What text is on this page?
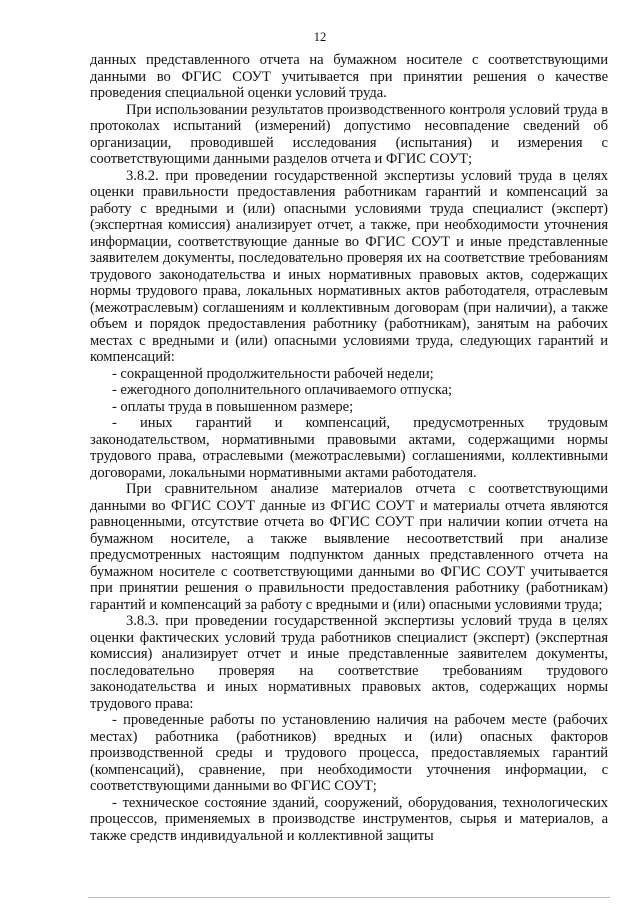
12

данных представленного отчета на бумажном носителе с соответствующими данными во ФГИС СОУТ учитывается при принятии решения о качестве проведения специальной оценки условий труда.

При использовании результатов производственного контроля условий труда в протоколах испытаний (измерений) допустимо несовпадение сведений об организации, проводившей исследования (испытания) и измерения с соответствующими данными разделов отчета и ФГИС СОУТ;

3.8.2. при проведении государственной экспертизы условий труда в целях оценки правильности предоставления работникам гарантий и компенсаций за работу с вредными и (или) опасными условиями труда специалист (эксперт) (экспертная комиссия) анализирует отчет, а также, при необходимости уточнения информации, соответствующие данные во ФГИС СОУТ и иные представленные заявителем документы, последовательно проверяя их на соответствие требованиям трудового законодательства и иных нормативных правовых актов, содержащих нормы трудового права, локальных нормативных актов работодателя, отраслевым (межотраслевым) соглашениям и коллективным договорам (при наличии), а также объем и порядок предоставления работнику (работникам), занятым на рабочих местах с вредными и (или) опасными условиями труда, следующих гарантий и компенсаций:

- сокращенной продолжительности рабочей недели;

- ежегодного дополнительного оплачиваемого отпуска;

- оплаты труда в повышенном размере;

- иных гарантий и компенсаций, предусмотренных трудовым законодательством, нормативными правовыми актами, содержащими нормы трудового права, отраслевыми (межотраслевыми) соглашениями, коллективными договорами, локальными нормативными актами работодателя.

При сравнительном анализе материалов отчета с соответствующими данными во ФГИС СОУТ данные из ФГИС СОУТ и материалы отчета являются равноценными, отсутствие отчета во ФГИС СОУТ при наличии копии отчета на бумажном носителе, а также выявление несоответствий при анализе предусмотренных настоящим подпунктом данных представленного отчета на бумажном носителе с соответствующими данными во ФГИС СОУТ учитывается при принятии решения о правильности предоставления работнику (работникам) гарантий и компенсаций за работу с вредными и (или) опасными условиями труда;

3.8.3. при проведении государственной экспертизы условий труда в целях оценки фактических условий труда работников специалист (эксперт) (экспертная комиссия) анализирует отчет и иные представленные заявителем документы, последовательно проверяя на соответствие требованиям трудового законодательства и иных нормативных правовых актов, содержащих нормы трудового права:

- проведенные работы по установлению наличия на рабочем месте (рабочих местах) работника (работников) вредных и (или) опасных факторов производственной среды и трудового процесса, предоставляемых гарантий (компенсаций), сравнение, при необходимости уточнения информации, с соответствующими данными во ФГИС СОУТ;

- техническое состояние зданий, сооружений, оборудования, технологических процессов, применяемых в производстве инструментов, сырья и материалов, а также средств индивидуальной и коллективной защиты
